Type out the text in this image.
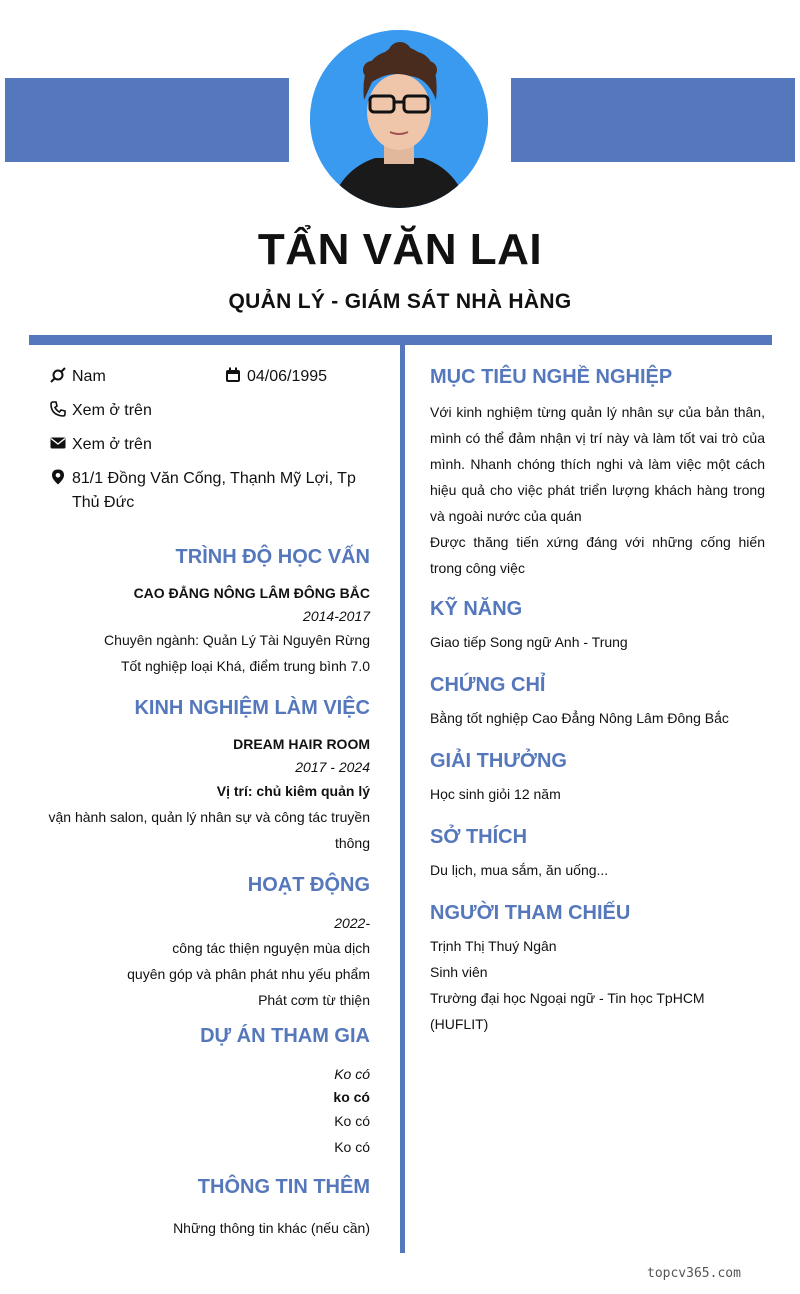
TẨN VĂN LAI
QUẢN LÝ - GIÁM SÁT NHÀ HÀNG
Nam	04/06/1995
Xem ở trên
Xem ở trên
81/1 Đồng Văn Cống, Thạnh Mỹ Lợi, Tp Thủ Đức
TRÌNH ĐỘ HỌC VẤN
CAO ĐẲNG NÔNG LÂM ĐÔNG BẮC
2014-2017
Chuyên ngành: Quản Lý Tài Nguyên Rừng
Tốt nghiệp loại Khá, điểm trung bình 7.0
KINH NGHIỆM LÀM VIỆC
DREAM HAIR ROOM
2017 - 2024
Vị trí: chủ kiêm quản lý
vận hành salon, quản lý nhân sự và công tác truyền
thông
HOẠT ĐỘNG
2022-
công tác thiện nguyện mùa dịch
quyên góp và phân phát nhu yếu phẩm
Phát cơm từ thiện
DỰ ÁN THAM GIA
Ko có
ko có
Ko có
Ko có
THÔNG TIN THÊM
Những thông tin khác (nếu cần)
MỤC TIÊU NGHỀ NGHIỆP
Với kinh nghiệm từng quản lý nhân sự của bản thân, mình có thể đảm nhận vị trí này và làm tốt vai trò của mình. Nhanh chóng thích nghi và làm việc một cách hiệu quả cho việc phát triển lượng khách hàng trong và ngoài nước của quán
Được thăng tiến xứng đáng với những cống hiến trong công việc
KỸ NĂNG
Giao tiếp Song ngữ Anh - Trung
CHỨNG CHỈ
Bằng tốt nghiệp Cao Đẳng Nông Lâm Đông Bắc
GIẢI THƯỞNG
Học sinh giỏi 12 năm
SỞ THÍCH
Du lịch, mua sắm, ăn uống...
NGƯỜI THAM CHIẾU
Trịnh Thị Thuý Ngân
Sinh viên
Trường đại học Ngoại ngữ - Tin học TpHCM (HUFLIT)
topcv365.com
